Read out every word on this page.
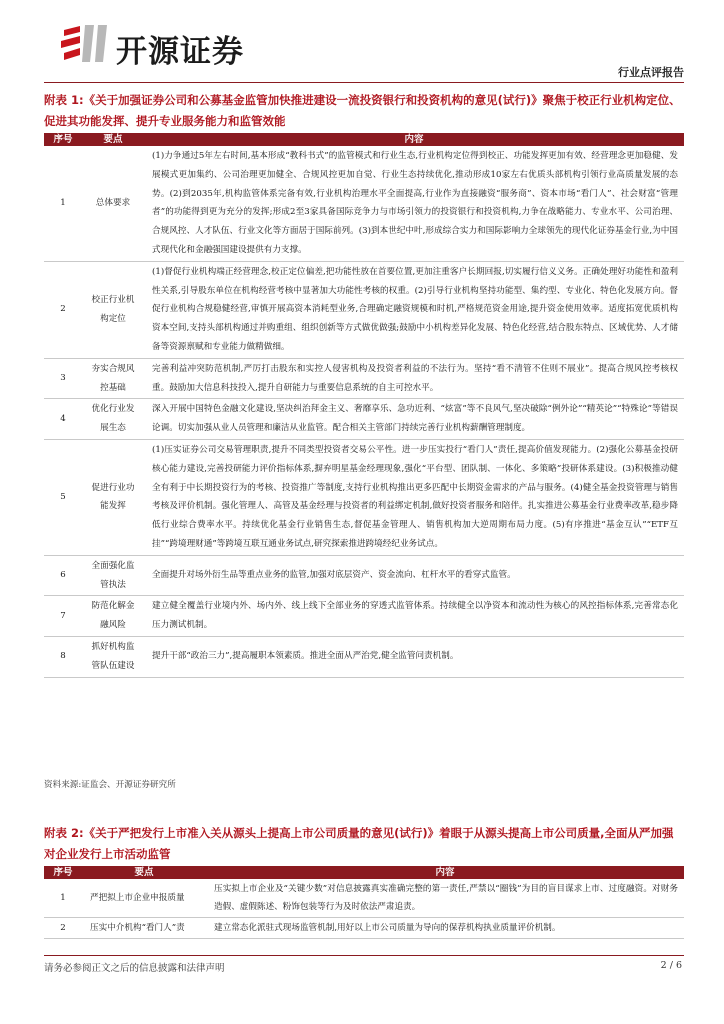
开源证券
行业点评报告
附表 1:《关于加强证券公司和公募基金监管加快推进建设一流投资银行和投资机构的意见(试行)》聚焦于校正行业机构定位、促进其功能发挥、提升专业服务能力和监管效能
序号	要点	内容
1	总体要求	(1)力争通过5年左右时间,基本形成“教科书式”的监管模式和行业生态,行业机构定位得到校正、功能发挥更加有效、经营理念更加稳健、发展模式更加集约、公司治理更加健全、合规风控更加自觉、行业生态持续优化,推动形成10家左右优质头部机构引领行业高质量发展的态势。(2)到2035年,机构监管体系完备有效,行业机构治理水平全面提高,行业作为直接融资“服务商”、资本市场“看门人”、社会财富“管理者”的功能得到更为充分的发挥;形成2至3家具备国际竞争力与市场引领力的投资银行和投资机构,力争在战略能力、专业水平、公司治理、合规风控、人才队伍、行业文化等方面居于国际前列。(3)到本世纪中叶,形成综合实力和国际影响力全球领先的现代化证券基金行业,为中国式现代化和金融强国建设提供有力支撑。
2	校正行业机构定位	(1)督促行业机构端正经营理念,校正定位偏差,把功能性放在首要位置,更加注重客户长期回报,切实履行信义义务。正确处理好功能性和盈利性关系,引导股东单位在机构经营考核中显著加大功能性考核的权重。(2)引导行业机构坚持功能型、集约型、专业化、特色化发展方向。督促行业机构合规稳健经营,审慎开展高资本消耗型业务,合理确定融资规模和时机,严格规范资金用途,提升资金使用效率。适度拓宽优质机构资本空间,支持头部机构通过并购重组、组织创新等方式做优做强;鼓励中小机构差异化发展、特色化经营,结合股东特点、区域优势、人才储备等资源禀赋和专业能力做精做细。
3	夯实合规风控基础	完善利益冲突防范机制,严厉打击股东和实控人侵害机构及投资者利益的不法行为。坚持“看不清管不住则不展业”。提高合规风控考核权重。鼓励加大信息科技投入,提升自研能力与重要信息系统的自主可控水平。
4	优化行业发展生态	深入开展中国特色金融文化建设,坚决纠治拜金主义、奢靡享乐、急功近利、“炫富”等不良风气,坚决破除“例外论”“精英论”“特殊论”等错误论调。切实加强从业人员管理和廉洁从业监管。配合相关主管部门持续完善行业机构薪酬管理制度。
5	促进行业功能发挥	(1)压实证券公司交易管理职责,提升不同类型投资者交易公平性。进一步压实投行“看门人”责任,提高价值发现能力。(2)强化公募基金投研核心能力建设,完善投研能力评价指标体系,摒弃明星基金经理现象,强化“平台型、团队制、一体化、多策略”投研体系建设。(3)积极推动健全有利于中长期投资行为的考核、投资推广等制度,支持行业机构推出更多匹配中长期资金需求的产品与服务。(4)健全基金投资管理与销售考核及评价机制。强化管理人、高管及基金经理与投资者的利益绑定机制,做好投资者服务和陪伴。扎实推进公募基金行业费率改革,稳步降低行业综合费率水平。持续优化基金行业销售生态,督促基金管理人、销售机构加大逆周期布局力度。(5)有序推进“基金互认”“ETF互挂”“跨境理财通”等跨境互联互通业务试点,研究探索推进跨境经纪业务试点。
6	全面强化监管执法	全面提升对场外衍生品等重点业务的监管,加强对底层资产、资金流向、杠杆水平的看穿式监管。
7	防范化解金融风险	建立健全覆盖行业境内外、场内外、线上线下全部业务的穿透式监管体系。持续健全以净资本和流动性为核心的风控指标体系,完善常态化压力测试机制。
8	抓好机构监管队伍建设	提升干部“政治三力”,提高履职本领素质。推进全面从严治党,健全监管问责机制。
资料来源:证监会、开源证券研究所
附表 2:《关于严把发行上市准入关从源头上提高上市公司质量的意见(试行)》着眼于从源头提高上市公司质量,全面从严加强对企业发行上市活动监管
序号	要点	内容
1	严把拟上市企业申报质量	压实拟上市企业及“关键少数”对信息披露真实准确完整的第一责任,严禁以“圈钱”为目的盲目谋求上市、过度融资。对财务造假、虚假陈述、粉饰包装等行为及时依法严肃追责。
2	压实中介机构“看门人”责	建立常态化派驻式现场监管机制,用好以上市公司质量为导向的保荐机构执业质量评价机制。
请务必参阅正文之后的信息披露和法律声明	2 / 6
